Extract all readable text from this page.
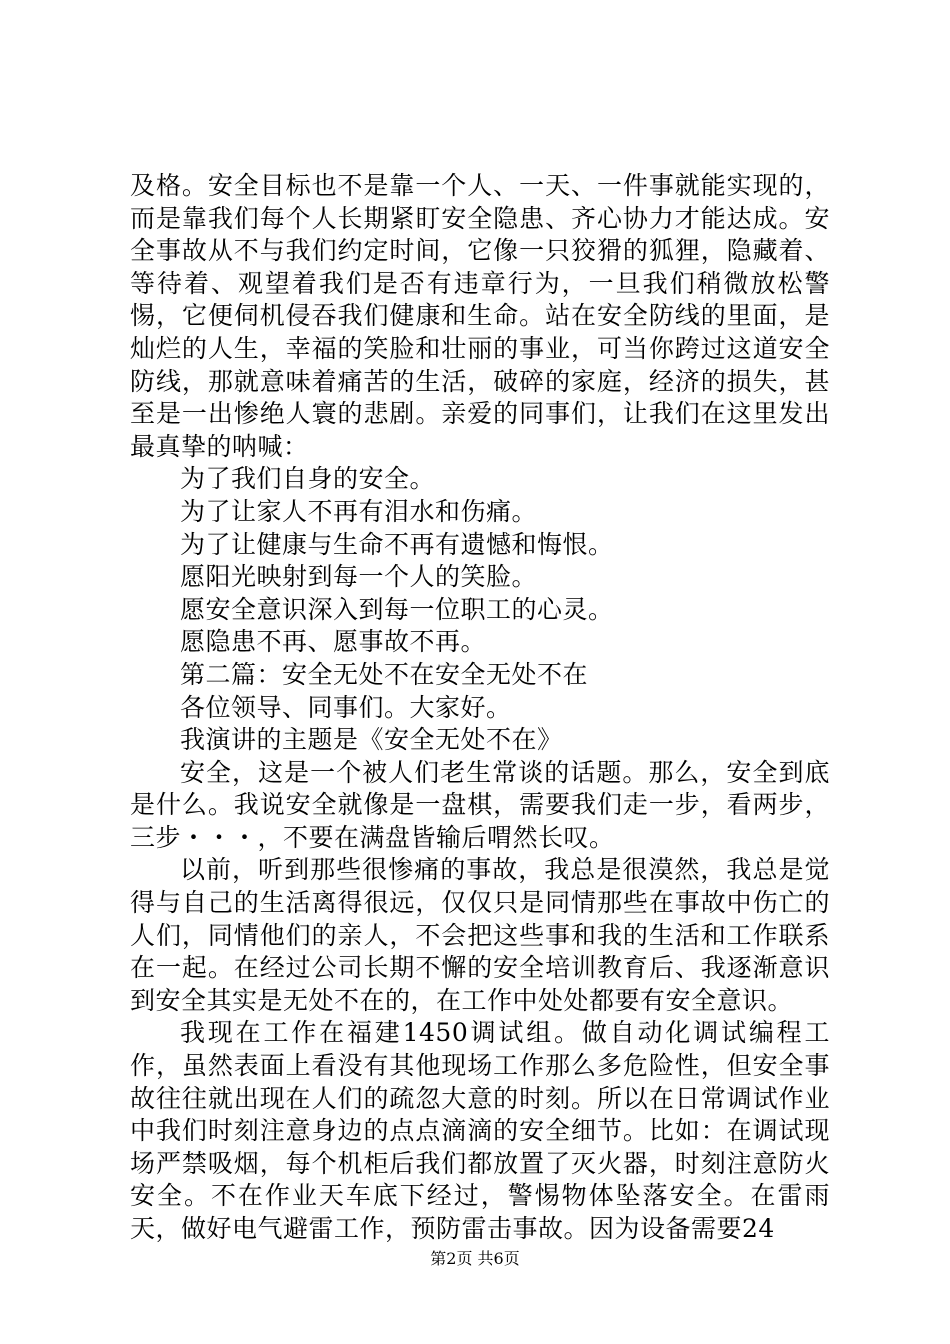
及格。安全目标也不是靠一个人、一天、一件事就能实现的，而是靠我们每个人长期紧盯安全隐患、齐心协力才能达成。安全事故从不与我们约定时间，它像一只狡猾的狐狸，隐藏着、等待着、观望着我们是否有违章行为，一旦我们稍微放松警惕，它便伺机侵吞我们健康和生命。站在安全防线的里面，是灿烂的人生，幸福的笑脸和壮丽的事业，可当你跨过这道安全防线，那就意味着痛苦的生活，破碎的家庭，经济的损失，甚至是一出惨绝人寰的悲剧。亲爱的同事们，让我们在这里发出最真挚的呐喊：

为了我们自身的安全。

为了让家人不再有泪水和伤痛。

为了让健康与生命不再有遗憾和悔恨。

愿阳光映射到每一个人的笑脸。

愿安全意识深入到每一位职工的心灵。

愿隐患不再、愿事故不再。

第二篇：安全无处不在安全无处不在

各位领导、同事们。大家好。

我演讲的主题是《安全无处不在》

安全，这是一个被人们老生常谈的话题。那么，安全到底是什么。我说安全就像是一盘棋，需要我们走一步，看两步，三步・・・，不要在满盘皆输后喟然长叹。

以前，听到那些很惨痛的事故，我总是很漠然，我总是觉得与自己的生活离得很远，仅仅只是同情那些在事故中伤亡的人们，同情他们的亲人，不会把这些事和我的生活和工作联系在一起。在经过公司长期不懈的安全培训教育后、我逐渐意识到安全其实是无处不在的，在工作中处处都要有安全意识。

我现在工作在福建1450调试组。做自动化调试编程工作，虽然表面上看没有其他现场工作那么多危险性，但安全事故往往就出现在人们的疏忽大意的时刻。所以在日常调试作业中我们时刻注意身边的点点滴滴的安全细节。比如：在调试现场严禁吸烟，每个机柜后我们都放置了灭火器，时刻注意防火安全。不在作业天车底下经过，警惕物体坠落安全。在雷雨天，做好电气避雷工作，预防雷击事故。因为设备需要24

第2页 共6页
